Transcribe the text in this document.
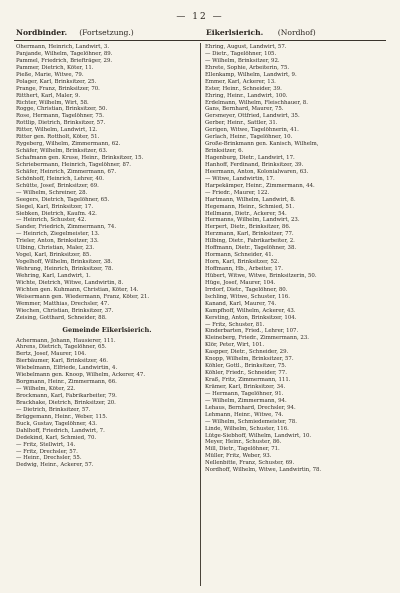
— 12 —
Nordbinder. (Fortsetzung.)	Eikerlsierich. (Nordhof)
Ohermann, Heinrich, Landwirt, 3.
Panjande, Wilhelm, Tagelöhner, 89.
Pammel, Friedrich, Briefträger, 29.
Pammer, Dietrich, Köter, 11.
Pieße, Marie, Witwe, 79.
Polager, Karl, Brinksitzer, 25.
Prange, Franz, Brinksitzer, 70.
Ritthert, Karl, Maler, 9.
Richter, Wilhelm, Wirt, 58.
Rogge, Christian, Brinksitzer, 50.
Rose, Hermann, Tagelöhner, 75.
Rottlip, Dietrich, Brinksitzer, 57.
Ritter, Wilhelm, Landwirt, 12.
Ritter gen. Rottholt, Köter, 51.
Rygeberg, Wilhelm, Zimmermann, 62.
Schäfer, Wilhelm, Brinksitzer, 63.
Schafmann gen. Kruse, Heinr., Brinksitzer, 15.
Schriebermann, Heinrich, Tagelöhner, 87.
Schäfer, Heinrich, Zimmermann, 67.
Schönhoff, Heinrich, Lehrer, 40.
Schütte, Josef, Brinksitzer, 69.
— Wilhelm, Schreiner, 28.
Seegers, Dietrich, Tagelöhner, 65.
Siegel, Karl, Brinksitzer, 17.
Siebken, Dietrich, Kaufm. 42.
— Heinrich, Schuster, 42.
Sander, Friedrich, Zimmermann, 74.
— Heinrich, Ziegelmeister, 13.
Trieler, Anton, Brinksitzer, 33.
Ulbing, Christian, Maler, 23.
Vogel, Karl, Brinksitzer, 85.
Vogelhoff, Wilhelm, Brinksitzer, 38.
Wehrung, Heinrich, Brinksitzer, 78.
Wehring, Karl, Landwirt, 1.
Wichte, Dietrich, Witwe, Landwirtin, 8.
Wichten gen. Kuhmann, Christian, Köter, 14.
Weisermann gen. Wiedermann, Franz, Köter, 21.
Wemmer, Matthias, Drechsler, 47.
Wiechen, Christian, Brinksitzer, 37.
Zeising, Gotthard, Schneider, 88.
Gemeinde Eikerlsierich.
Achermann, Johann, Hausierer, 111.
Ahrens, Dietrich, Tagelöhner, 65.
Bertz, Josef, Maurer, 104.
Bierbäumer, Karl, Brinksitzer, 46.
Wiebelmann, Elfriede, Landwirtin, 4.
Wiebelmann gen. Knoop, Wilhelm, Ackerer, 47.
Borgmann, Heinr., Zimmermann, 66.
— Wilhelm, Köter, 22.
Brockmann, Karl, Fabrikarbeiter, 79.
Brackhake, Dietrich, Brinksitzer, 20.
— Dietrich, Brinksitzer, 57.
Brüggemann, Heinr., Weber, 115.
Buck, Gustav, Tagelöhner, 43.
Dahlhoff, Friedrich, Landwirt, 7.
Dedekind, Karl, Schmied, 70.
— Fritz, Stellwirt, 14.
— Fritz, Drechsler, 57.
— Heinr., Drechsler, 55.
Dedwig, Heinr., Ackerer, 57.
Ehring, August, Landwirt, 57.
— Dietr., Tagelöhner, 105.
— Wilhelm, Brinksitzer, 92.
Ehrete, Sophie, Arbeiterin, 75.
Ellenkamp, Wilhelm, Landwirt, 9.
Emmer, Karl, Ackerer, 13.
Ester, Heinr., Schneider, 39.
Ehring, Heinr., Landwirt, 100.
Erdelmann, Wilhelm, Fleischhauer, 8.
Gans, Bernhard, Maurer, 75.
Gersmeyer, Ottfried, Landwirt, 35.
Gerber, Heinr., Sattler, 31.
Gerigen, Witwe, Tagelöhnerin, 41.
Gerlach, Heinr., Tagelöhner, 10.
Große-Brinkmann gen. Kanisch, Wilhelm,
Brinksitzer, 6.
Hagenburg, Dietr., Landwirt, 17.
Hanhoff, Ferdinand, Brinksitzer, 39.
Heermann, Anton, Kolonialwaren, 63.
— Witwe, Landwirtin, 17.
Harpekämper, Heinr., Zimmermann, 44.
— Friedr., Maurer, 122.
Hartmann, Wilhelm, Landwirt, 8.
Hegemann, Heinr., Schmied, 51.
Hellmann, Dietr., Ackerer, 54.
Hermanns, Wilhelm, Landwirt, 23.
Herpert, Dietr., Brinksitzer, 86.
Herzmann, Karl, Brinksitzer, 77.
Hilbing, Dietr., Fabrikarbeiter, 2.
Hoffmann, Dietr., Tagelöhner, 38.
Hormann, Schneider, 41.
Horn, Karl, Brinksitzer, 52.
Hoffmann, Hb., Arbeiter, 17.
Hübert, Witwe, Witwe, Brinksitzerin, 50.
Hüge, Josef, Maurer, 104.
Irrdorf, Dietr., Tagelöhner, 80.
Ischling, Witwe, Schuster, 116.
Kanand, Karl, Maurer, 74.
Kampfhoff, Wilhelm, Ackerer, 43.
Kersting, Anton, Brinksitzer, 104.
— Fritz, Schuster, 81.
Kinderbarten, Fried., Lehrer, 107.
Kleineberg, Friedr., Zimmermann, 23.
Klör, Peter, Wirt, 101.
Kaspper, Dietr., Schneider, 29.
Knopp, Wilhelm, Brinksitzer, 57.
Köhler, Gottl., Brinksitzer, 75.
Köhler, Friedr., Schneider, 77.
Kraß, Fritz, Zimmermann, 111.
Krämer, Karl, Brinksitzer, 34.
— Hermann, Tagelöhner, 91.
— Wilhelm, Zimmermann, 94.
Lehaus, Bernhard, Drechsler, 94.
Lehmann, Heinr., Witwe, 74.
— Wilhelm, Schmiedemeister, 78.
Linde, Wilhelm, Schuster, 116.
Lütge-Siebhoff, Wilhelm, Landwirt, 10.
Meyer, Heinr., Schuster, 86.
Mill, Dietr., Tagelöhner, 71.
Müller, Fritz, Weber, 93.
Nellenbitte, Franz, Schuster, 69.
Nordhoff, Wilhelm, Witwe, Landwirtin, 78.
